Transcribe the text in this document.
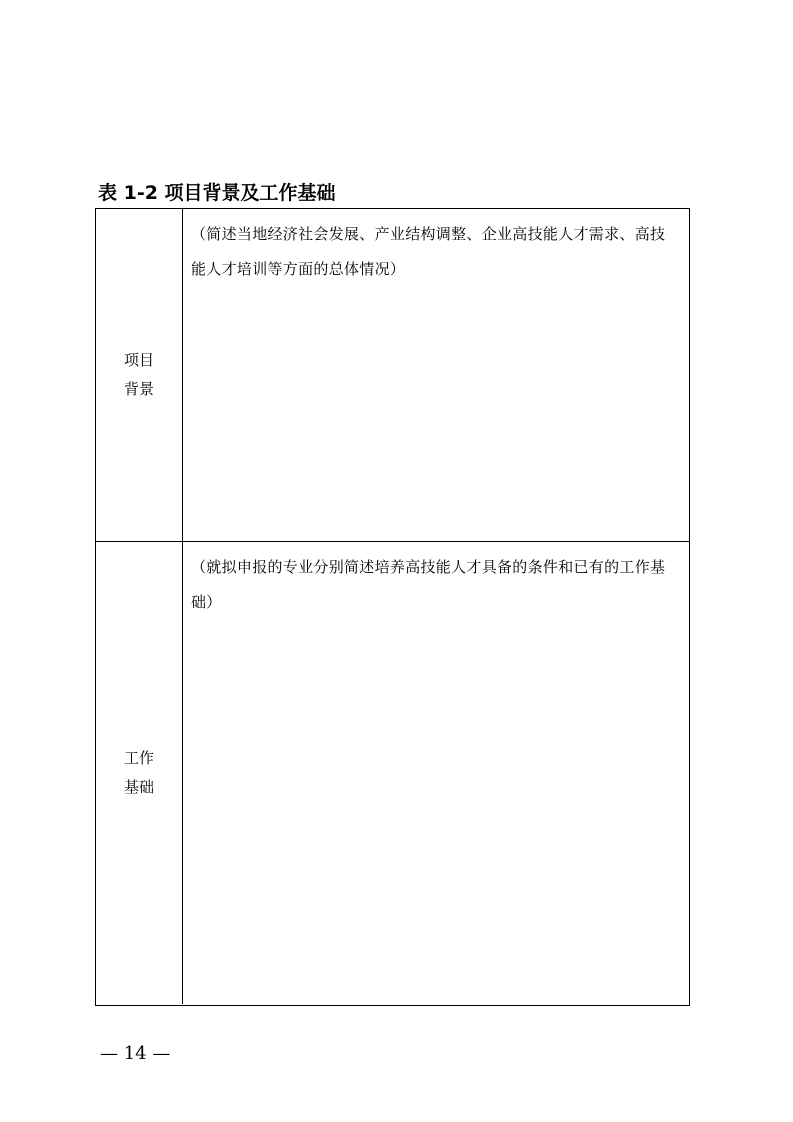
表 1-2 项目背景及工作基础
项目
背景
（简述当地经济社会发展、产业结构调整、企业高技能人才需求、高技能人才培训等方面的总体情况）
工作
基础
（就拟申报的专业分别简述培养高技能人才具备的条件和已有的工作基础）
— 14 —
